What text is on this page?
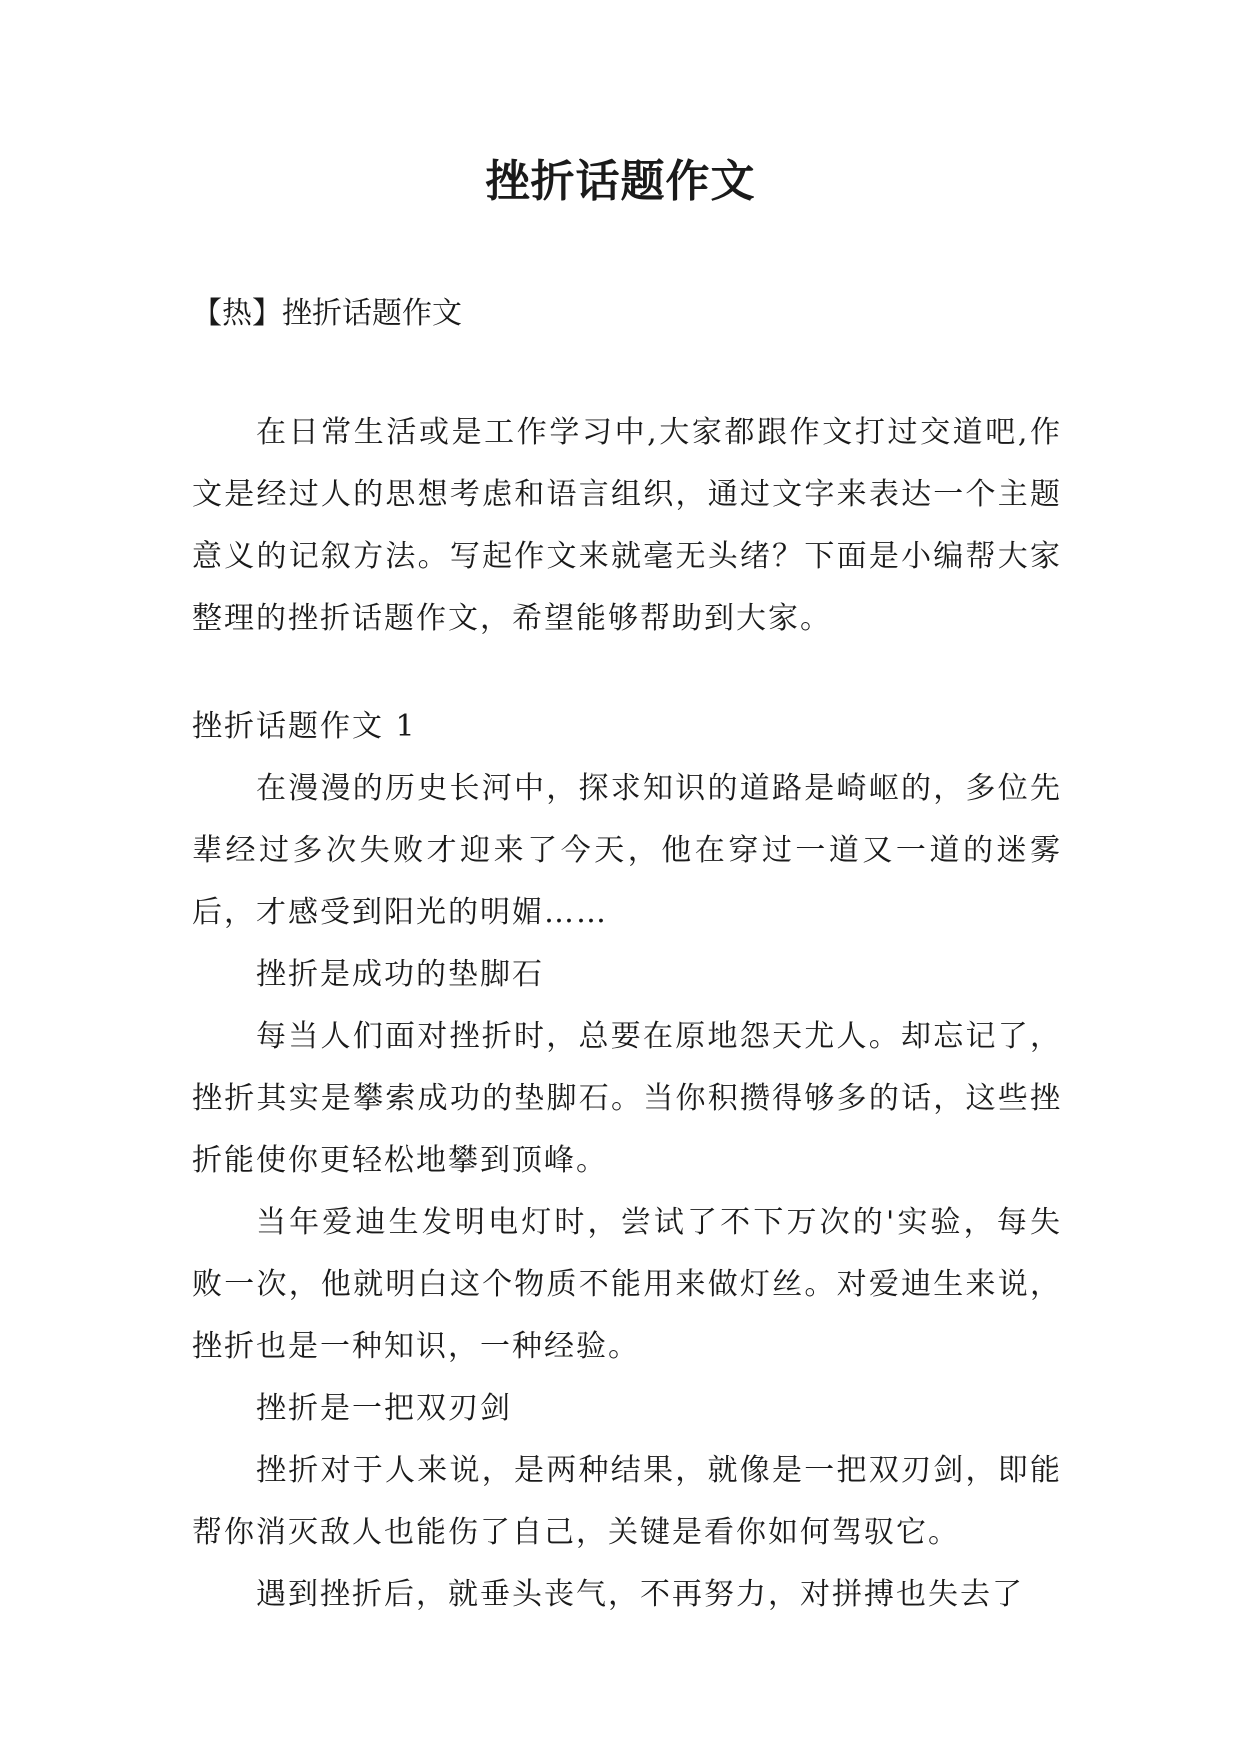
挫折话题作文
【热】挫折话题作文

在日常生活或是工作学习中,大家都跟作文打过交道吧,作文是经过人的思想考虑和语言组织，通过文字来表达一个主题意义的记叙方法。写起作文来就毫无头绪？下面是小编帮大家整理的挫折话题作文，希望能够帮助到大家。

挫折话题作文 1

在漫漫的历史长河中，探求知识的道路是崎岖的，多位先辈经过多次失败才迎来了今天，他在穿过一道又一道的迷雾后，才感受到阳光的明媚……

挫折是成功的垫脚石

每当人们面对挫折时，总要在原地怨天尤人。却忘记了，挫折其实是攀索成功的垫脚石。当你积攒得够多的话，这些挫折能使你更轻松地攀到顶峰。

当年爱迪生发明电灯时，尝试了不下万次的'实验，每失败一次，他就明白这个物质不能用来做灯丝。对爱迪生来说，挫折也是一种知识，一种经验。

挫折是一把双刃剑

挫折对于人来说，是两种结果，就像是一把双刃剑，即能帮你消灭敌人也能伤了自己，关键是看你如何驾驭它。

遇到挫折后，就垂头丧气，不再努力，对拼搏也失去了
